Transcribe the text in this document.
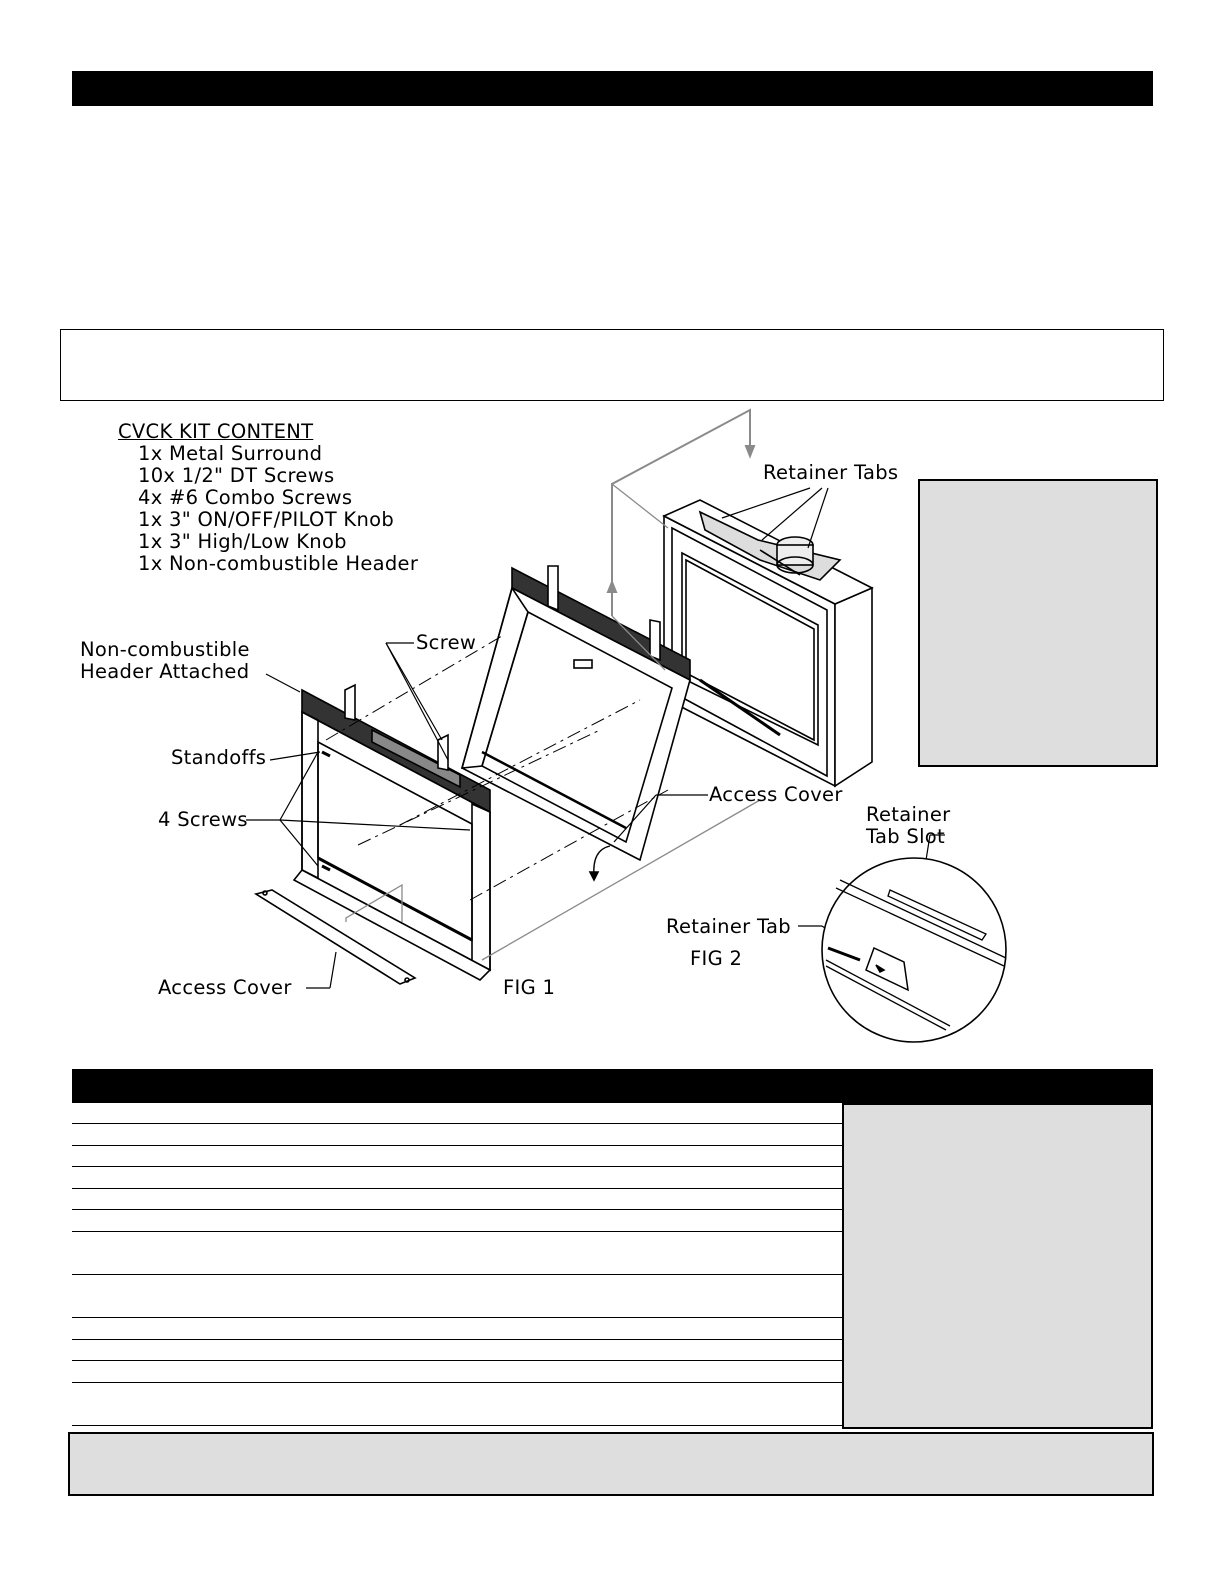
CVCK KIT CONTENT
1x Metal Surround
10x 1/2" DT Screws
4x #6 Combo Screws
1x 3" ON/OFF/PILOT Knob
1x 3" High/Low Knob
1x Non-combustible Header
Retainer Tabs
Non-combustible
Header Attached
Screw
Standoffs
4 Screws
Access Cover
Retainer
Tab Slot
Retainer Tab
FIG 2
Access Cover	FIG 1
